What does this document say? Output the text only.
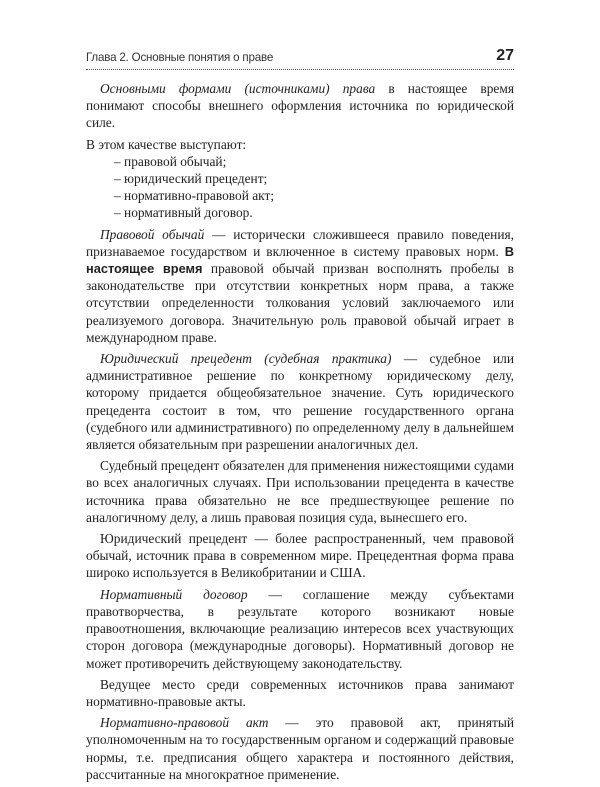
Глава 2. Основные понятия о праве	27

Основными формами (источниками) права в настоящее время понимают способы внешнего оформления источника по юридической силе.

В этом качестве выступают:

– правовой обычай;

– юридический прецедент;

– нормативно-правовой акт;

– нормативный договор.

Правовой обычай — исторически сложившееся правило поведения, признаваемое государством и включенное в систему правовых норм. В настоящее время правовой обычай призван восполнять пробелы в законодательстве при отсутствии конкретных норм права, а также отсутствии определенности толкования условий заключаемого или реализуемого договора. Значительную роль правовой обычай играет в международном праве.

Юридический прецедент (судебная практика) — судебное или административное решение по конкретному юридическому делу, которому придается общеобязательное значение. Суть юридического прецедента состоит в том, что решение государственного органа (судебного или административного) по определенному делу в дальнейшем является обязательным при разрешении аналогичных дел.

Судебный прецедент обязателен для применения нижестоящими судами во всех аналогичных случаях. При использовании прецедента в качестве источника права обязательно не все предшествующее решение по аналогичному делу, а лишь правовая позиция суда, вынесшего его.

Юридический прецедент — более распространенный, чем правовой обычай, источник права в современном мире. Прецедентная форма права широко используется в Великобритании и США.

Нормативный договор — соглашение между субъектами правотворчества, в результате которого возникают новые правоотношения, включающие реализацию интересов всех участвующих сторон договора (международные договоры). Нормативный договор не может противоречить действующему законодательству.

Ведущее место среди современных источников права занимают нормативно-правовые акты.

Нормативно-правовой акт — это правовой акт, принятый уполномоченным на то государственным органом и содержащий правовые нормы, т.е. предписания общего характера и постоянного действия, рассчитанные на многократное применение.
